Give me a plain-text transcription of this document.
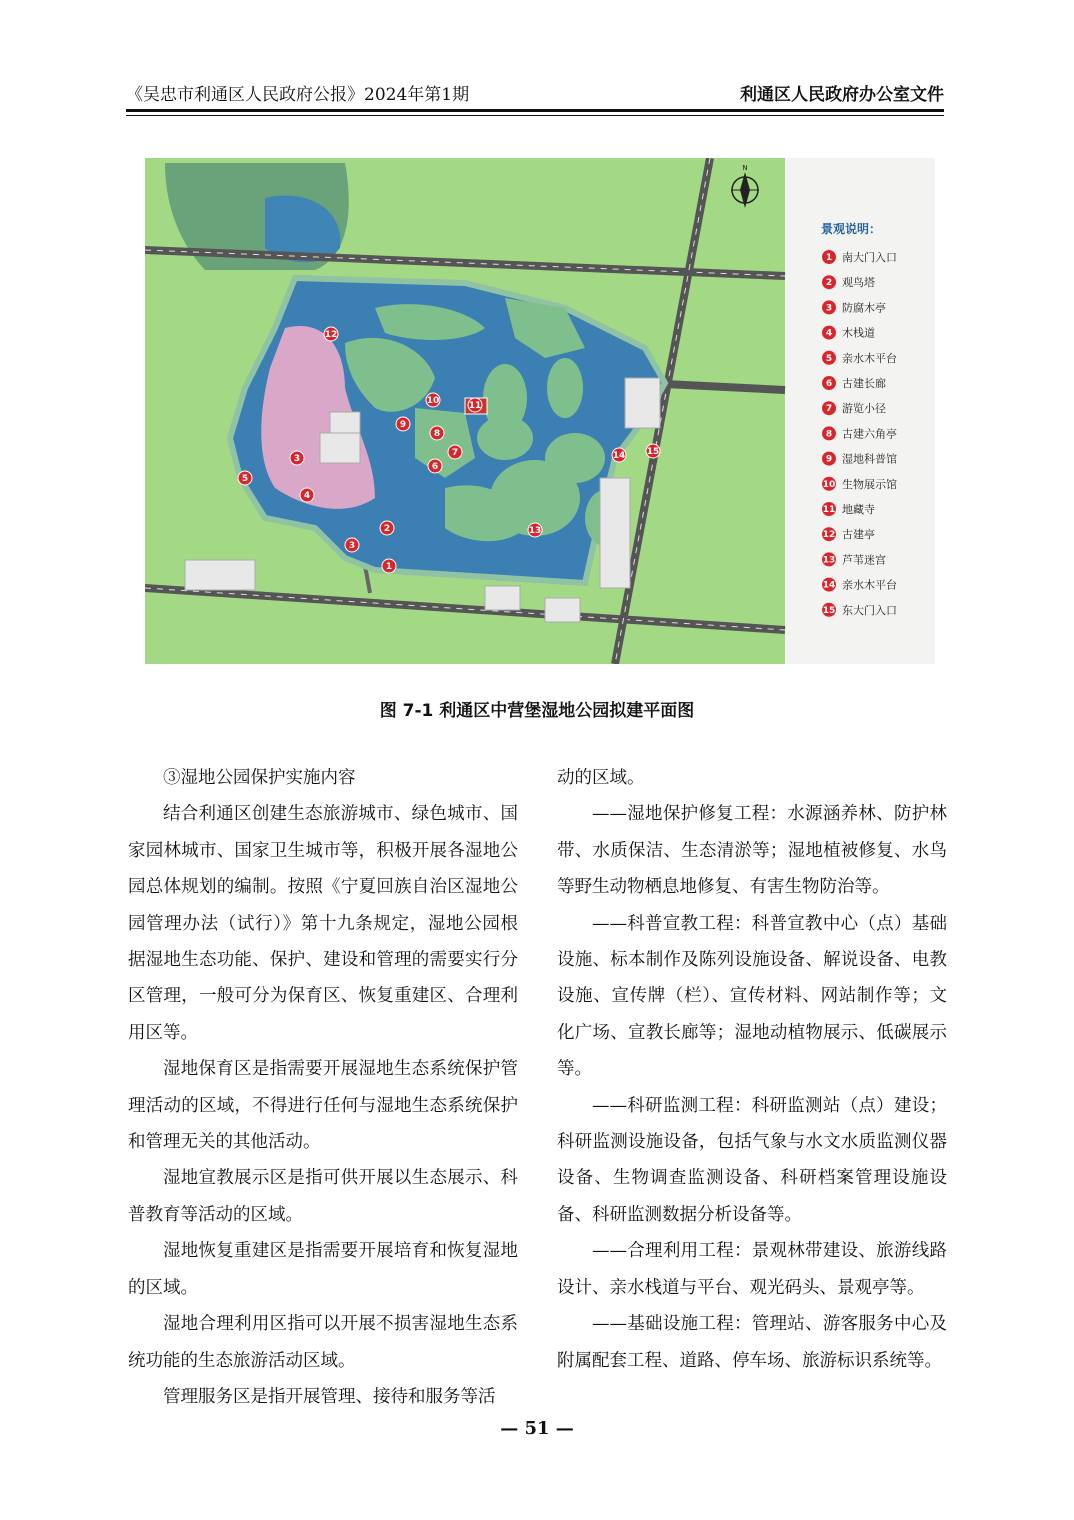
《吴忠市利通区人民政府公报》2024年第1期	利通区人民政府办公室文件
1
2
3
3
4
5
6
7
8
9
10	11
12
13
14 15
N
景观说明：
1 南大门入口
2 观鸟塔
3 防腐木亭
4 木栈道
5 亲水木平台
6 古建长廊
7 游览小径
8 古建六角亭
9 湿地科普馆
10 生物展示馆
11 地藏寺
12 古建亭
13 芦苇迷宫
14 亲水木平台
15 东大门入口
图 7-1 利通区中营堡湿地公园拟建平面图

③湿地公园保护实施内容

结合利通区创建生态旅游城市、绿色城市、国家园林城市、国家卫生城市等，积极开展各湿地公园总体规划的编制。按照《宁夏回族自治区湿地公园管理办法（试行）》第十九条规定，湿地公园根据湿地生态功能、保护、建设和管理的需要实行分区管理，一般可分为保育区、恢复重建区、合理利用区等。

湿地保育区是指需要开展湿地生态系统保护管理活动的区域，不得进行任何与湿地生态系统保护和管理无关的其他活动。

湿地宣教展示区是指可供开展以生态展示、科普教育等活动的区域。

湿地恢复重建区是指需要开展培育和恢复湿地的区域。

湿地合理利用区指可以开展不损害湿地生态系统功能的生态旅游活动区域。

管理服务区是指开展管理、接待和服务等活

动的区域。

——湿地保护修复工程：水源涵养林、防护林带、水质保洁、生态清淤等；湿地植被修复、水鸟等野生动物栖息地修复、有害生物防治等。

——科普宣教工程：科普宣教中心（点）基础设施、标本制作及陈列设施设备、解说设备、电教设施、宣传牌（栏）、宣传材料、网站制作等；文化广场、宣教长廊等；湿地动植物展示、低碳展示等。

——科研监测工程：科研监测站（点）建设；科研监测设施设备，包括气象与水文水质监测仪器设备、生物调查监测设备、科研档案管理设施设备、科研监测数据分析设备等。

——合理利用工程：景观林带建设、旅游线路设计、亲水栈道与平台、观光码头、景观亭等。

——基础设施工程：管理站、游客服务中心及附属配套工程、道路、停车场、旅游标识系统等。

— 51 —
